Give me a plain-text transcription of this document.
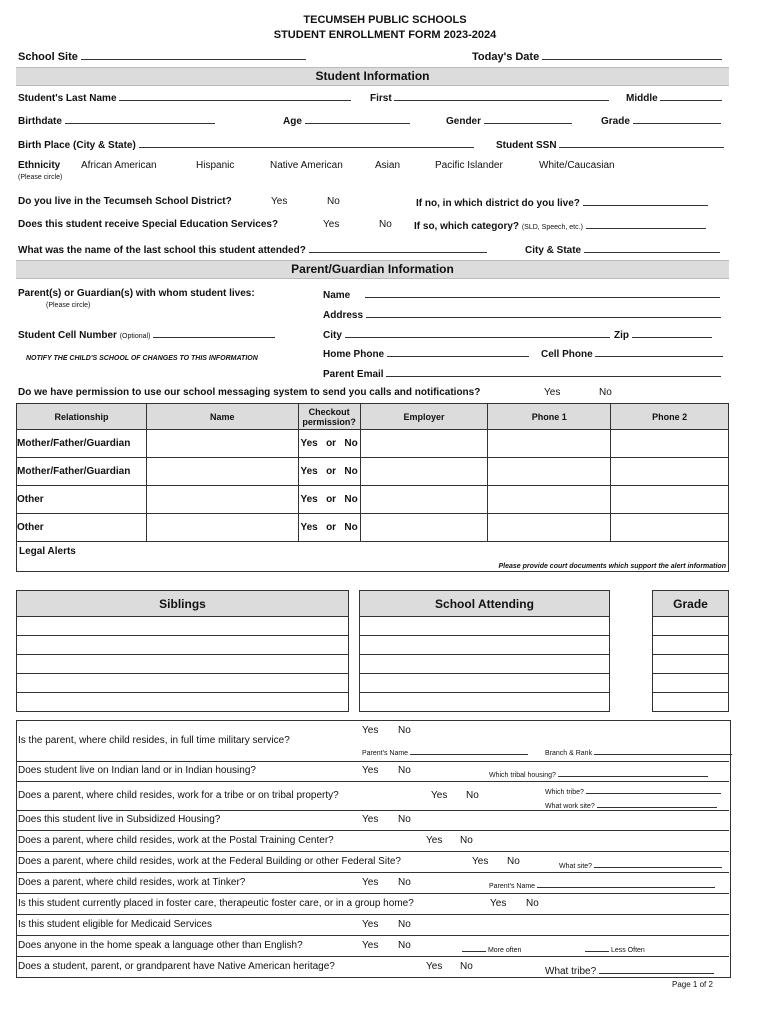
TECUMSEH PUBLIC SCHOOLS
STUDENT ENROLLMENT FORM 2023-2024
School Site	Today's Date
Student Information
Student's Last Name	First	Middle
Birthdate	Age	Gender	Grade
Birth Place (City & State)	Student SSN
Ethnicity
(Please circle)
African American	Hispanic	Native American	Asian	Pacific Islander	White/Caucasian
Do you live in the Tecumseh School District?	Yes	No	If no, in which district do you live?
Does this student receive Special Education Services?	Yes	No If so, which category? (SLD, Speech, etc.)
What was the name of the last school this student attended?	City & State
Parent/Guardian Information
Parent(s) or Guardian(s) with whom student lives:
(Please circle)
Name
Address
Student Cell Number (Optional)	City	Zip
NOTIFY THE CHILD'S SCHOOL OF CHANGES TO THIS INFORMATION	Home Phone	Cell Phone
Parent Email
Do we have permission to use our school messaging system to send you calls and notifications?	Yes	No
Relationship	Name	Checkout permission?	Employer	Phone 1	Phone 2
Mother/Father/Guardian		Yes   or   No			
Mother/Father/Guardian		Yes   or   No			
Other		Yes   or   No			
Other		Yes   or   No			

Legal Alerts
Please provide court documents which support the alert information					
Siblings	School Attending	Grade

Is the parent, where child resides, in full time military service?
Yes No
Parent's Name	Branch & Rank
Does student live on Indian land or in Indian housing?	Yes No	Which tribal housing?
Does a parent, where child resides, work for a tribe or on tribal property?	Yes No	Which tribe?
What work site?
Does this student live in Subsidized Housing?	Yes No
Does a parent, where child resides, work at the Postal Training Center?	Yes No
Does a parent, where child resides, work at the Federal Building or other Federal Site?	Yes No	What site?
Does a parent, where child resides, work at Tinker?	Yes No	Parent's Name
Is this student currently placed in foster care, therapeutic foster care, or in a group home?	Yes No
Is this student eligible for Medicaid Services	Yes No
Does anyone in the home speak a language other than English?	Yes No	More often	Less Often
Does a student, parent, or grandparent have Native American heritage?	Yes No	What tribe?
Page 1 of 2
